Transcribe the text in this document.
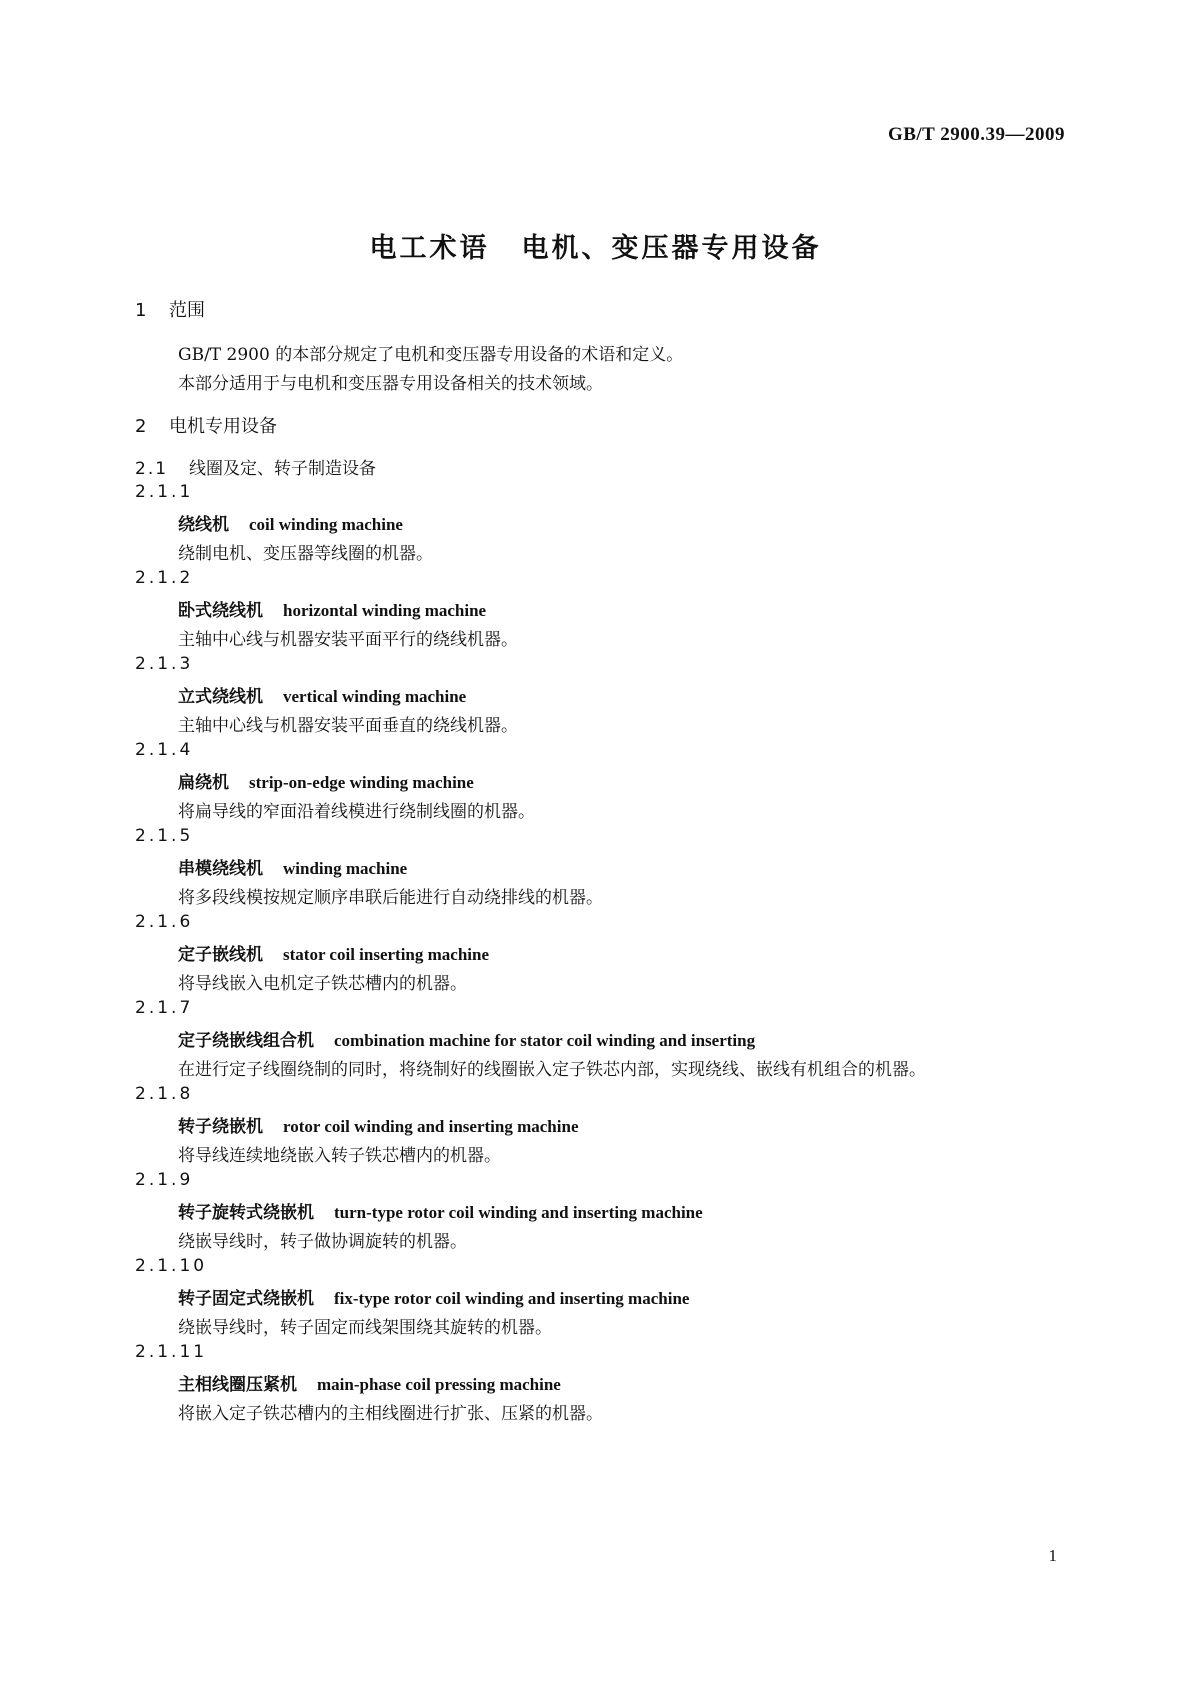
GB/T 2900.39—2009
电工术语 电机、变压器专用设备
1 范围

GB/T 2900 的本部分规定了电机和变压器专用设备的术语和定义。

本部分适用于与电机和变压器专用设备相关的技术领域。

2 电机专用设备
2.1 线圈及定、转子制造设备
2.1.1
绕线机 coil winding machine
绕制电机、变压器等线圈的机器。
2.1.2
卧式绕线机 horizontal winding machine
主轴中心线与机器安装平面平行的绕线机器。
2.1.3
立式绕线机 vertical winding machine
主轴中心线与机器安装平面垂直的绕线机器。
2.1.4
扁绕机 strip-on-edge winding machine
将扁导线的窄面沿着线模进行绕制线圈的机器。
2.1.5
串模绕线机 winding machine
将多段线模按规定顺序串联后能进行自动绕排线的机器。
2.1.6
定子嵌线机 stator coil inserting machine
将导线嵌入电机定子铁芯槽内的机器。
2.1.7
定子绕嵌线组合机 combination machine for stator coil winding and inserting
在进行定子线圈绕制的同时，将绕制好的线圈嵌入定子铁芯内部，实现绕线、嵌线有机组合的机器。
2.1.8
转子绕嵌机 rotor coil winding and inserting machine
将导线连续地绕嵌入转子铁芯槽内的机器。
2.1.9
转子旋转式绕嵌机 turn-type rotor coil winding and inserting machine
绕嵌导线时，转子做协调旋转的机器。
2.1.10
转子固定式绕嵌机 fix-type rotor coil winding and inserting machine
绕嵌导线时，转子固定而线架围绕其旋转的机器。
2.1.11
主相线圈压紧机 main-phase coil pressing machine
将嵌入定子铁芯槽内的主相线圈进行扩张、压紧的机器。
1
